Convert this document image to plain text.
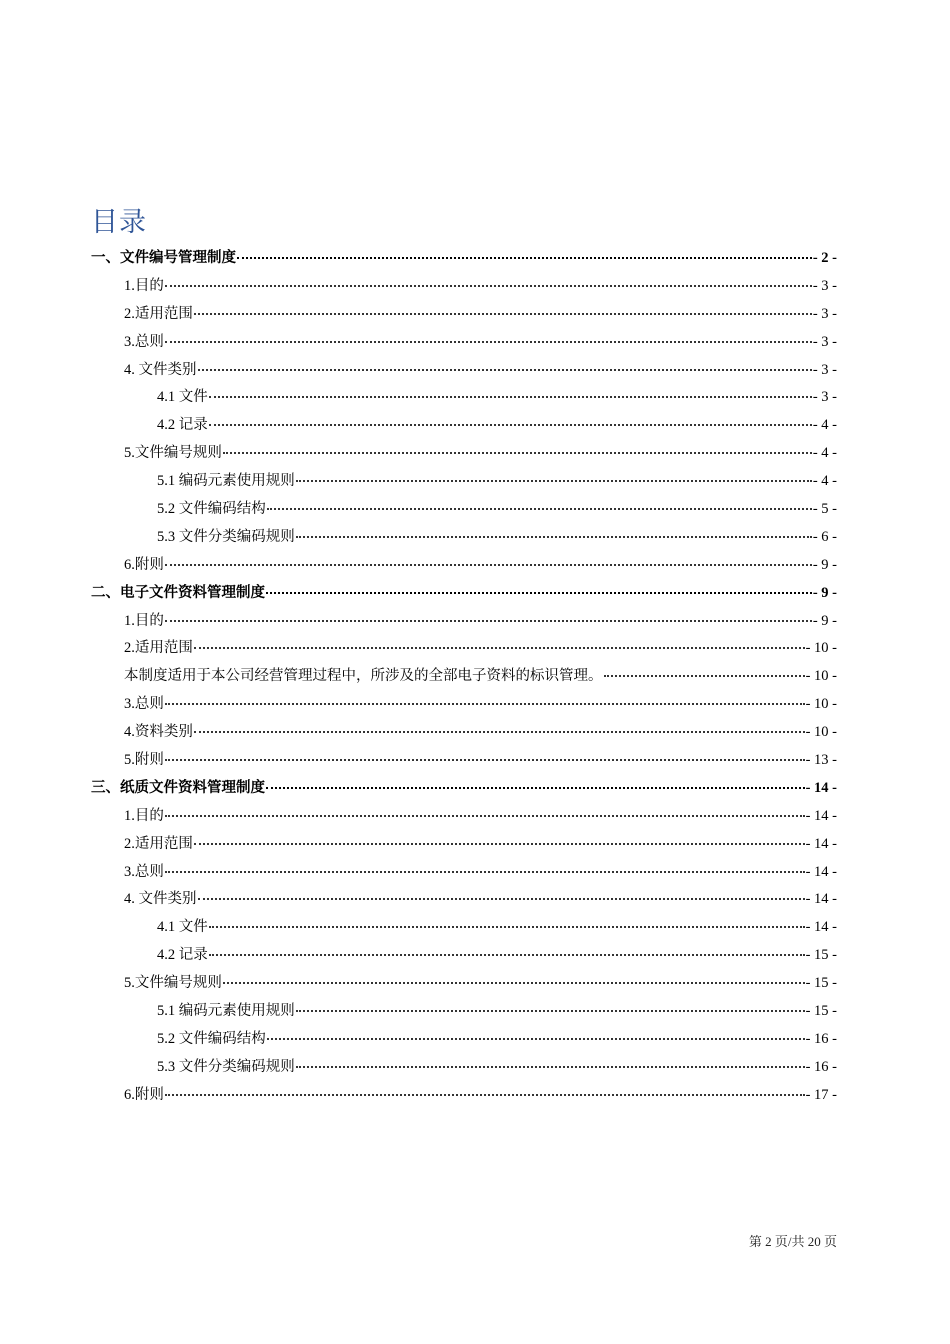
目录
一、文件编号管理制度	- 2 -
1.目的	- 3 -
2.适用范围	- 3 -
3.总则	- 3 -
4. 文件类别	- 3 -
4.1 文件	- 3 -
4.2 记录	- 4 -
5.文件编号规则	- 4 -
5.1 编码元素使用规则	- 4 -
5.2 文件编码结构	- 5 -
5.3 文件分类编码规则	- 6 -
6.附则	- 9 -
二、电子文件资料管理制度	- 9 -
1.目的	- 9 -
2.适用范围	- 10 -
本制度适用于本公司经营管理过程中，所涉及的全部电子资料的标识管理。	- 10 -
3.总则	- 10 -
4.资料类别	- 10 -
5.附则	- 13 -
三、纸质文件资料管理制度	- 14 -
1.目的	- 14 -
2.适用范围	- 14 -
3.总则	- 14 -
4. 文件类别	- 14 -
4.1 文件	- 14 -
4.2 记录	- 15 -
5.文件编号规则	- 15 -
5.1 编码元素使用规则	- 15 -
5.2 文件编码结构	- 16 -
5.3 文件分类编码规则	- 16 -
6.附则	- 17 -
第 2 页/共 20 页
